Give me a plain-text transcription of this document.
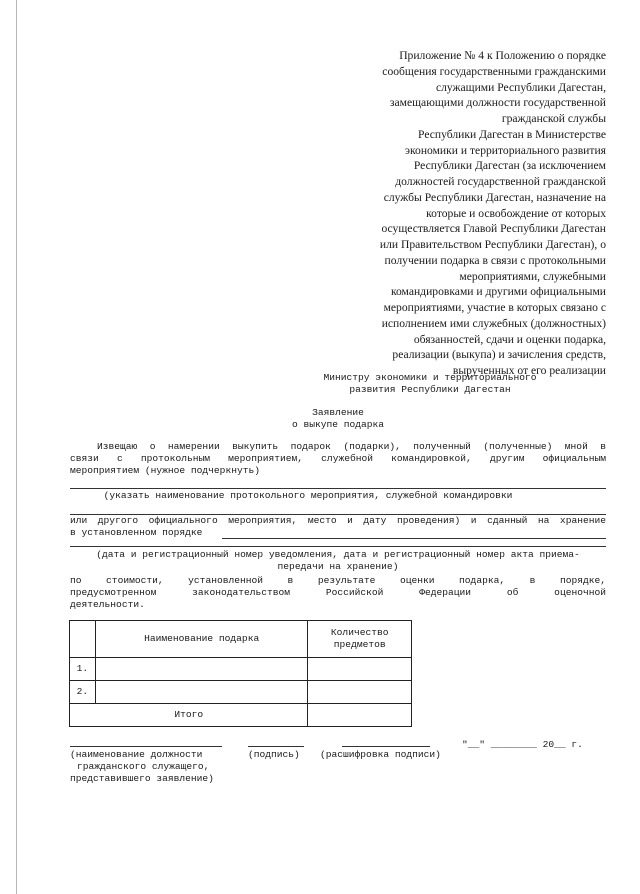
Приложение № 4 к Положению о порядке
сообщения государственными гражданскими
служащими Республики Дагестан,
замещающими должности государственной
гражданской службы
Республики Дагестан в Министерстве
экономики и территориального развития
Республики Дагестан (за исключением
должностей государственной гражданской
службы Республики Дагестан, назначение на
которые и освобождение от которых
осуществляется Главой Республики Дагестан
или Правительством Республики Дагестан), о
получении подарка в связи с протокольными
мероприятиями, служебными
командировками и другими официальными
мероприятиями, участие в которых связано с
исполнением ими служебных (должностных)
обязанностей, сдачи и оценки подарка,
реализации (выкупа) и зачисления средств,
вырученных от его реализации
Министру экономики и территориального
развития Республики Дагестан
Заявление
о выкупе подарка
Извещаю о намерении выкупить подарок (подарки), полученный (полученные) мной в
связи с протокольным мероприятием, служебной командировкой, другим официальным
мероприятием (нужное подчеркнуть)
(указать наименование протокольного мероприятия, служебной командировки
или другого официального мероприятия, место и дату проведения) и сданный на хранение
в установленном порядке
(дата и регистрационный номер уведомления, дата и регистрационный номер акта приема-
передачи на хранение)
по стоимости, установленной в результате оценки подарка, в порядке,
предусмотренном законодательством Российской Федерации об оценочной
деятельности.
	Наименование подарка	Количество
предметов
1.		
2.		
Итого		
"__" ________ 20__ г.
(наименование должности
гражданского служащего,
представившего заявление)
(подпись) (расшифровка подписи)
